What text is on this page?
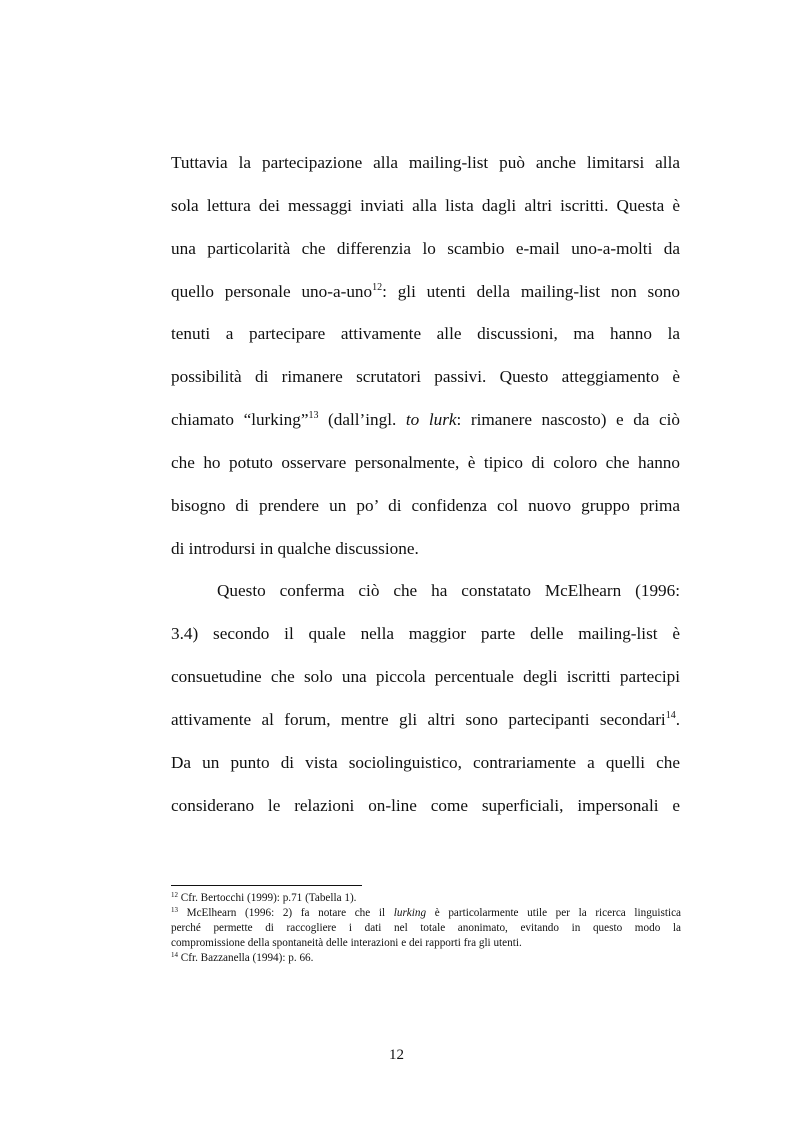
Tuttavia la partecipazione alla mailing-list può anche limitarsi alla
sola lettura dei messaggi inviati alla lista dagli altri iscritti. Questa è
una particolarità che differenzia lo scambio e-mail uno-a-molti da
quello personale uno-a-uno$^{12}$: gli utenti della mailing-list non sono
tenuti a partecipare attivamente alle discussioni, ma hanno la
possibilità di rimanere scrutatori passivi. Questo atteggiamento è
chiamato “lurking”$^{13}$ (dall’ingl. to lurk: rimanere nascosto) e da ciò
che ho potuto osservare personalmente, è tipico di coloro che hanno
bisogno di prendere un po’ di confidenza col nuovo gruppo prima
di introdursi in qualche discussione.
Questo conferma ciò che ha constatato McElhearn (1996:
3.4) secondo il quale nella maggior parte delle mailing-list è
consuetudine che solo una piccola percentuale degli iscritti partecipi
attivamente al forum, mentre gli altri sono partecipanti secondari$^{14}$.
Da un punto di vista sociolinguistico, contrariamente a quelli che
considerano le relazioni on-line come superficiali, impersonali e
$^{12}$ Cfr. Bertocchi (1999): p.71 (Tabella 1).
$^{13}$ McElhearn (1996: 2) fa notare che il lurking è particolarmente utile per la ricerca linguistica
perché permette di raccogliere i dati nel totale anonimato, evitando in questo modo la
compromissione della spontaneità delle interazioni e dei rapporti fra gli utenti.
$^{14}$ Cfr. Bazzanella (1994): p. 66.
12
